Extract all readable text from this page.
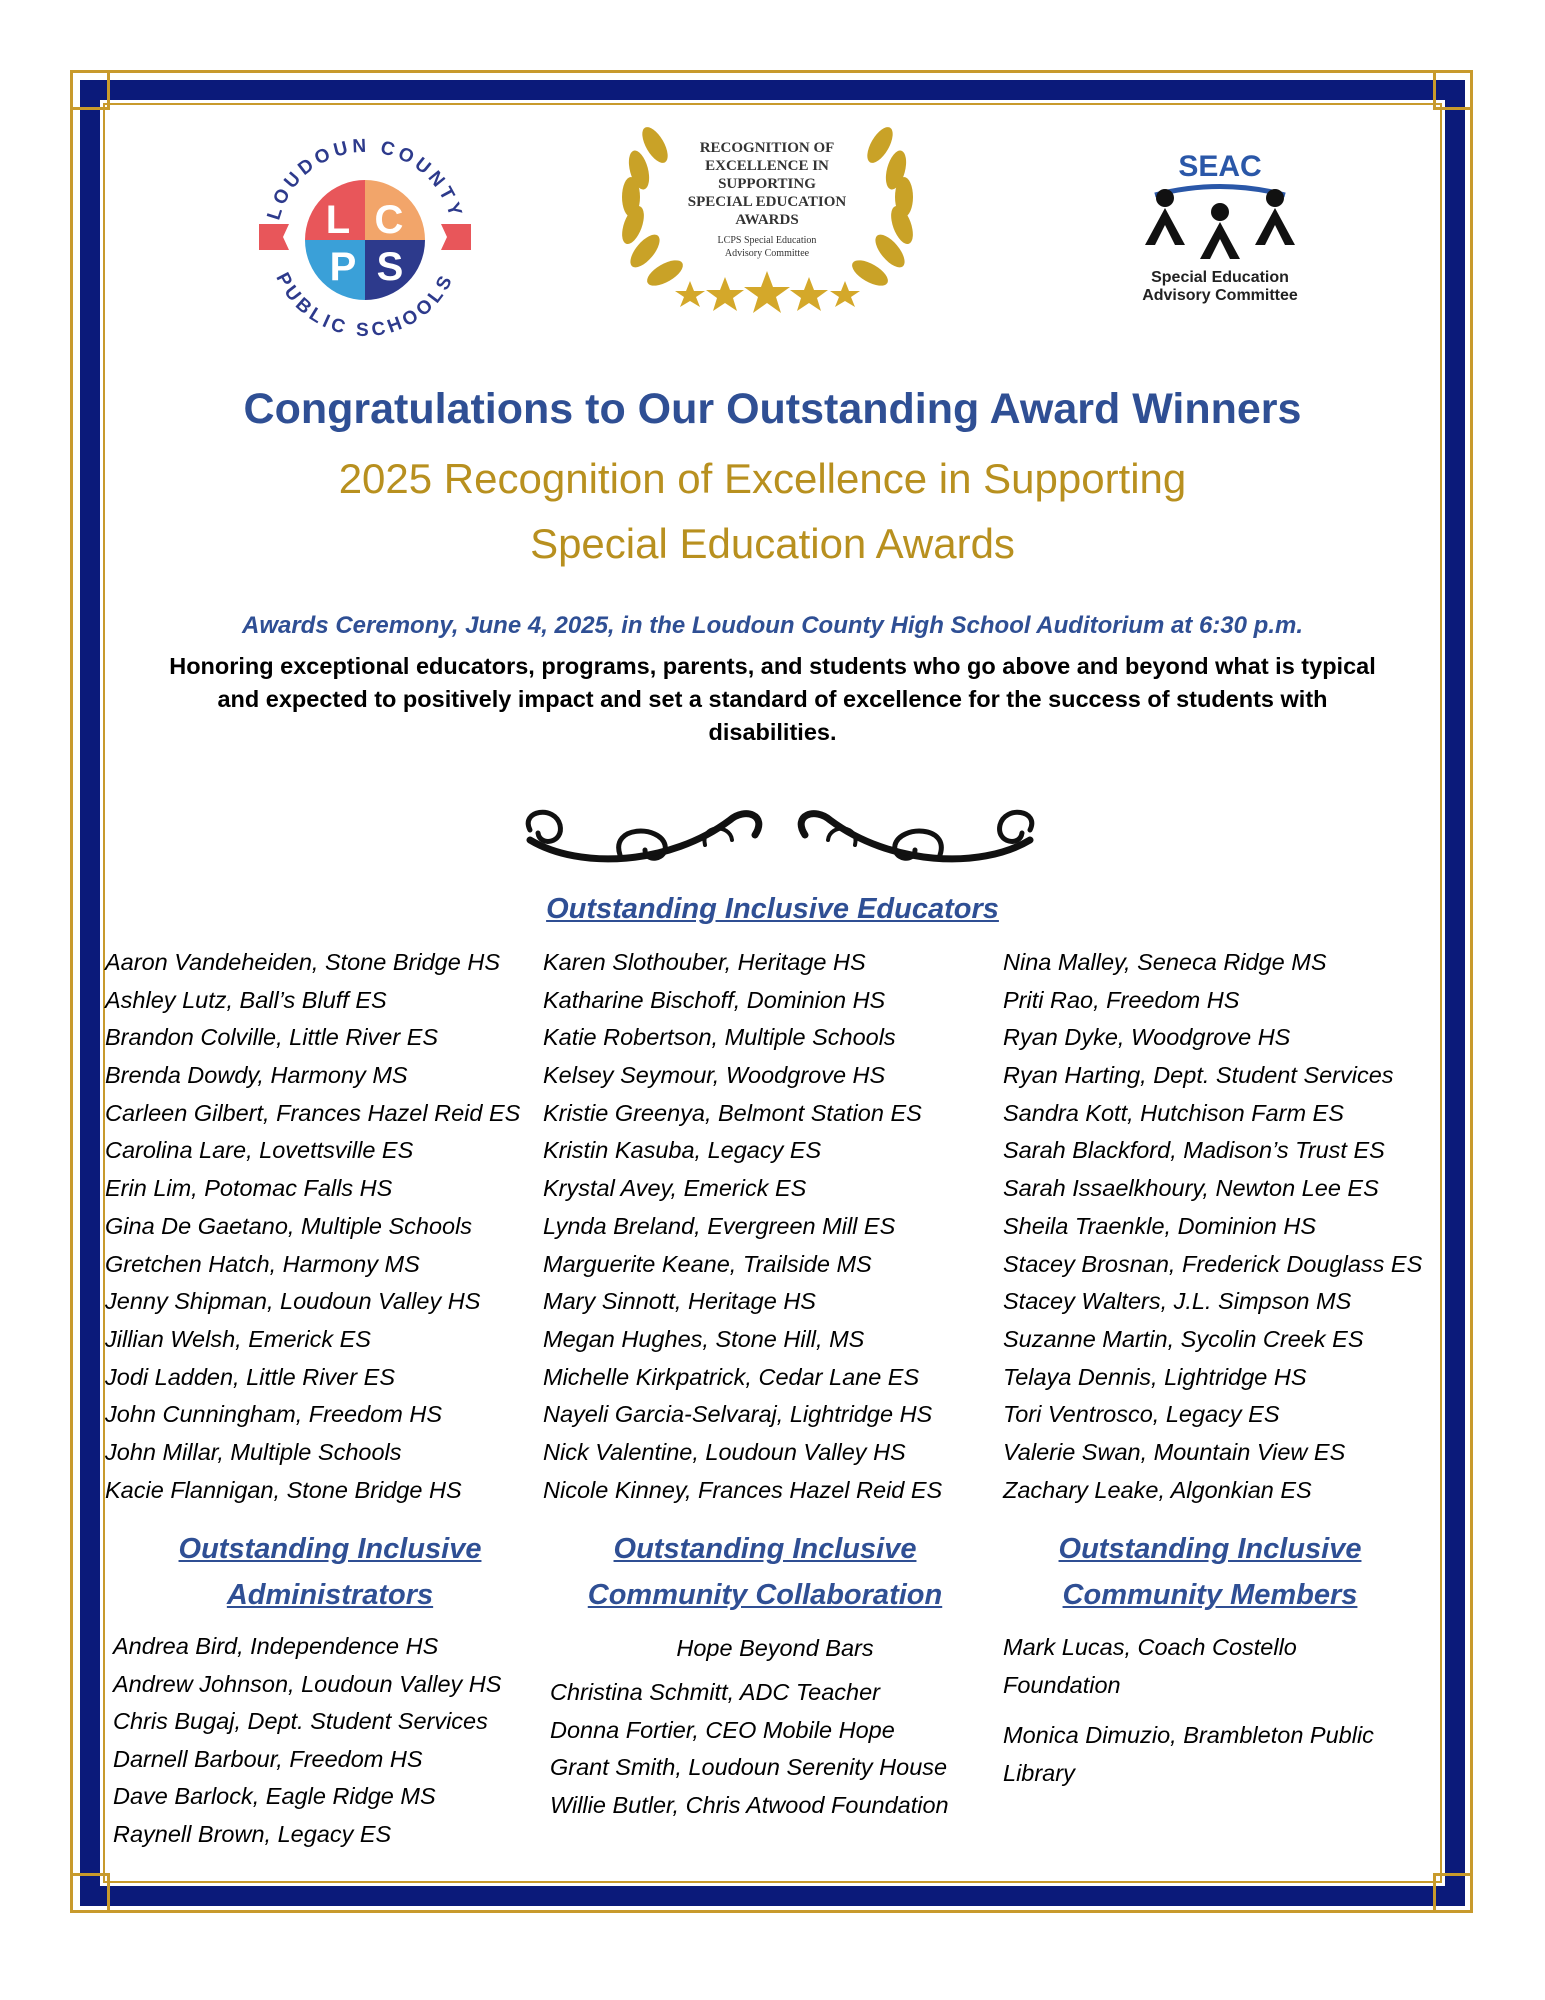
LOUDOUN COUNTY
PUBLIC SCHOOLS
L C
P S
RECOGNITION OF
EXCELLENCE IN
SUPPORTING
SPECIAL EDUCATION
AWARDS
LCPS Special Education
Advisory Committee
SEAC
Special Education
Advisory Committee
Congratulations to Our Outstanding Award Winners
2025 Recognition of Excellence in Supporting
Special Education Awards
Awards Ceremony, June 4, 2025, in the Loudoun County High School Auditorium at 6:30 p.m.
Honoring exceptional educators, programs, parents, and students who go above and beyond what is typical and expected to positively impact and set a standard of excellence for the success of students with disabilities.
Outstanding Inclusive Educators
Aaron Vandeheiden, Stone Bridge HS
Ashley Lutz, Ball’s Bluff ES
Brandon Colville, Little River ES
Brenda Dowdy, Harmony MS
Carleen Gilbert, Frances Hazel Reid ES
Carolina Lare, Lovettsville ES
Erin Lim, Potomac Falls HS
Gina De Gaetano, Multiple Schools
Gretchen Hatch, Harmony MS
Jenny Shipman, Loudoun Valley HS
Jillian Welsh, Emerick ES
Jodi Ladden, Little River ES
John Cunningham, Freedom HS
John Millar, Multiple Schools
Kacie Flannigan, Stone Bridge HS
Karen Slothouber, Heritage HS
Katharine Bischoff, Dominion HS
Katie Robertson, Multiple Schools
Kelsey Seymour, Woodgrove HS
Kristie Greenya, Belmont Station ES
Kristin Kasuba, Legacy ES
Krystal Avey, Emerick ES
Lynda Breland, Evergreen Mill ES
Marguerite Keane, Trailside MS
Mary Sinnott, Heritage HS
Megan Hughes, Stone Hill, MS
Michelle Kirkpatrick, Cedar Lane ES
Nayeli Garcia-Selvaraj, Lightridge HS
Nick Valentine, Loudoun Valley HS
Nicole Kinney, Frances Hazel Reid ES
Nina Malley, Seneca Ridge MS
Priti Rao, Freedom HS
Ryan Dyke, Woodgrove HS
Ryan Harting, Dept. Student Services
Sandra Kott, Hutchison Farm ES
Sarah Blackford, Madison’s Trust ES
Sarah Issaelkhoury, Newton Lee ES
Sheila Traenkle, Dominion HS
Stacey Brosnan, Frederick Douglass ES
Stacey Walters, J.L. Simpson MS
Suzanne Martin, Sycolin Creek ES
Telaya Dennis, Lightridge HS
Tori Ventrosco, Legacy ES
Valerie Swan, Mountain View ES
Zachary Leake, Algonkian ES
Outstanding Inclusive
Administrators
Andrea Bird, Independence HS
Andrew Johnson, Loudoun Valley HS
Chris Bugaj, Dept. Student Services
Darnell Barbour, Freedom HS
Dave Barlock, Eagle Ridge MS
Raynell Brown, Legacy ES
Outstanding Inclusive
Community Collaboration
Hope Beyond Bars
Christina Schmitt, ADC Teacher
Donna Fortier, CEO Mobile Hope
Grant Smith, Loudoun Serenity House
Willie Butler, Chris Atwood Foundation
Outstanding Inclusive
Community Members
Mark Lucas, Coach Costello
Foundation
Monica Dimuzio, Brambleton Public
Library
